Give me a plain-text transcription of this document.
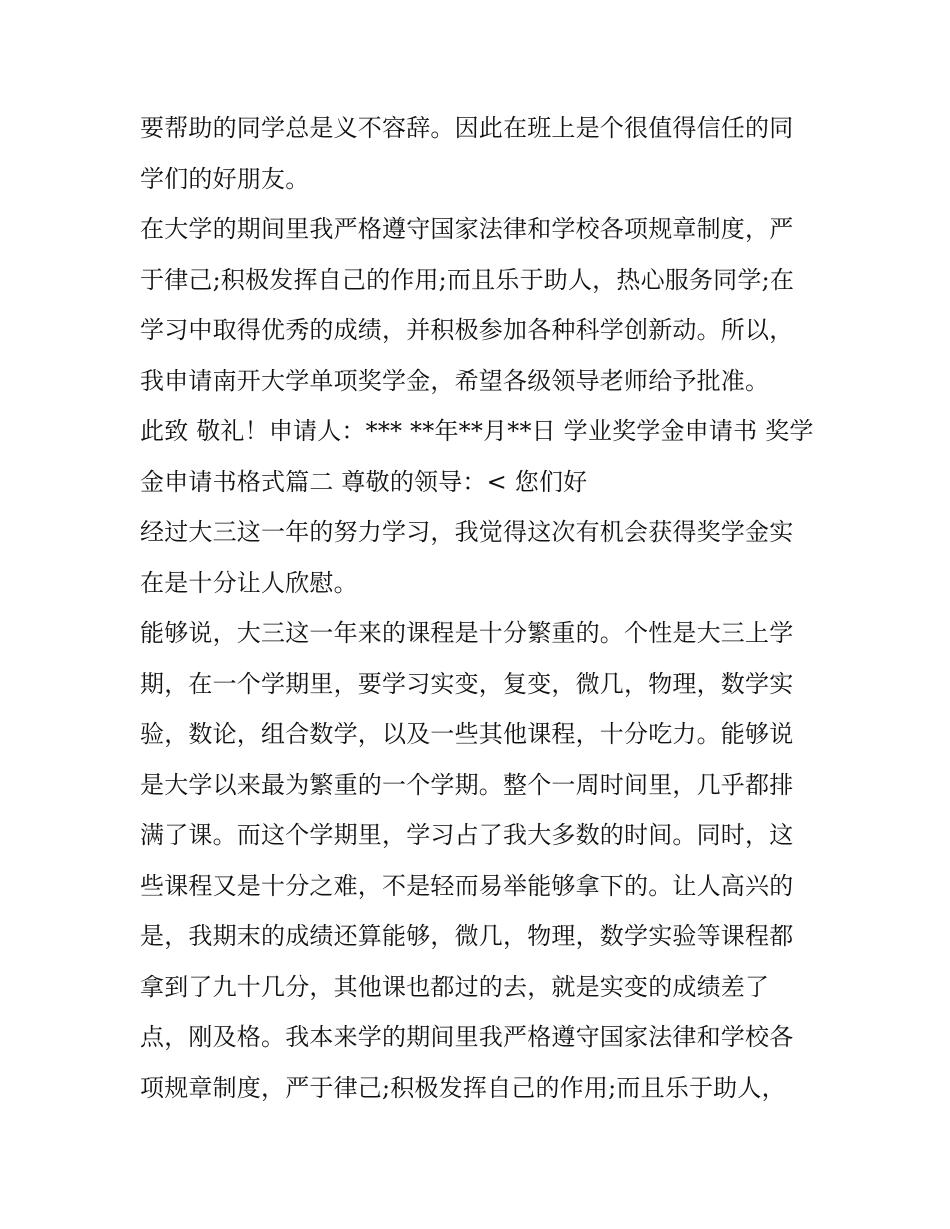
要帮助的同学总是义不容辞。因此在班上是个很值得信任的同
学们的好朋友。
在大学的期间里我严格遵守国家法律和学校各项规章制度，严
于律己;积极发挥自己的作用;而且乐于助人，热心服务同学;在
学习中取得优秀的成绩，并积极参加各种科学创新动。所以，
我申请南开大学单项奖学金，希望各级领导老师给予批准。
此致 敬礼！申请人：*** **年**月**日 学业奖学金申请书 奖学
金申请书格式篇二 尊敬的领导：< 您们好
经过大三这一年的努力学习，我觉得这次有机会获得奖学金实
在是十分让人欣慰。
能够说，大三这一年来的课程是十分繁重的。个性是大三上学
期，在一个学期里，要学习实变，复变，微几，物理，数学实
验，数论，组合数学，以及一些其他课程，十分吃力。能够说
是大学以来最为繁重的一个学期。整个一周时间里，几乎都排
满了课。而这个学期里，学习占了我大多数的时间。同时，这
些课程又是十分之难，不是轻而易举能够拿下的。让人高兴的
是，我期末的成绩还算能够，微几，物理，数学实验等课程都
拿到了九十几分，其他课也都过的去，就是实变的成绩差了
点，刚及格。我本来学的期间里我严格遵守国家法律和学校各
项规章制度，严于律己;积极发挥自己的作用;而且乐于助人，
